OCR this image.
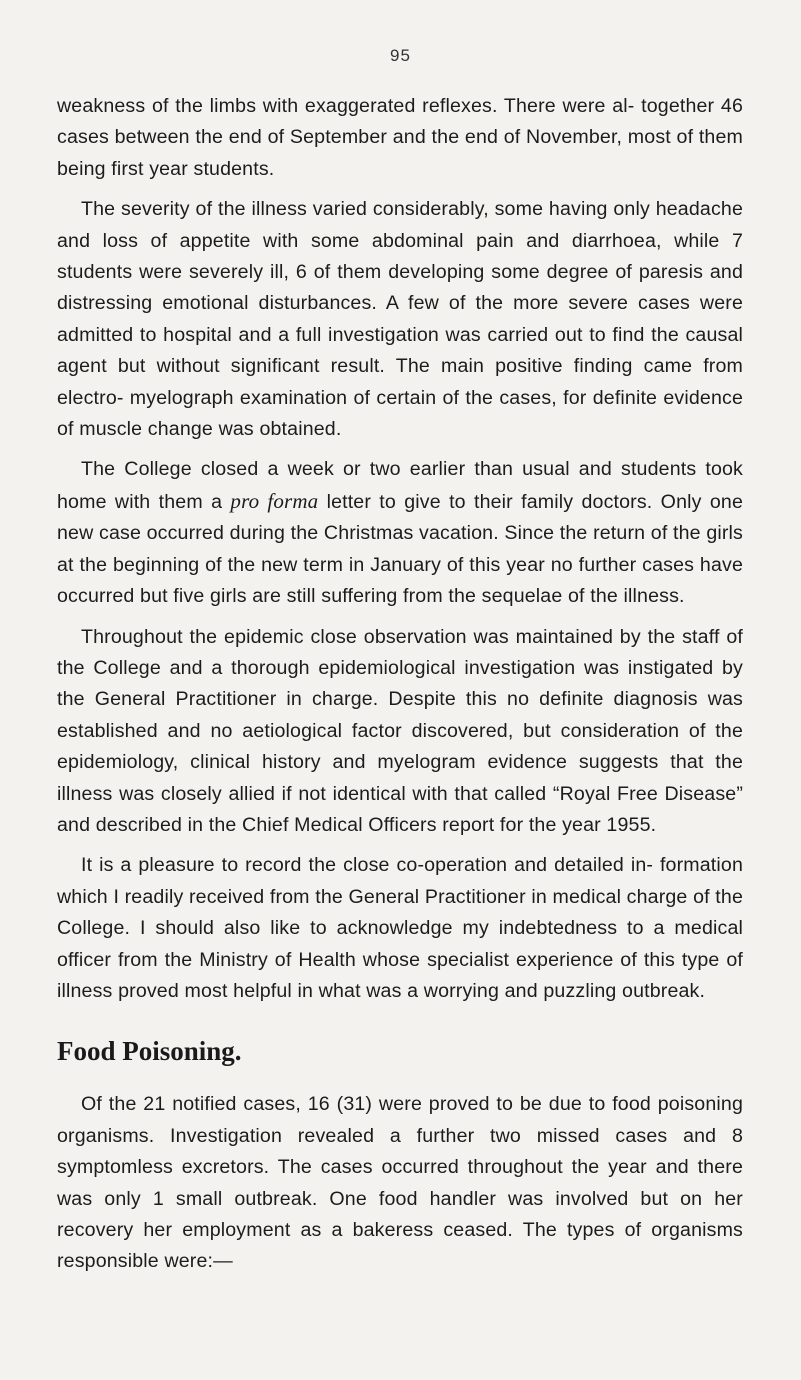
95

weakness of the limbs with exaggerated reflexes. There were al- together 46 cases between the end of September and the end of November, most of them being first year students.

The severity of the illness varied considerably, some having only headache and loss of appetite with some abdominal pain and diarrhoea, while 7 students were severely ill, 6 of them developing some degree of paresis and distressing emotional disturbances. A few of the more severe cases were admitted to hospital and a full investigation was carried out to find the causal agent but without significant result. The main positive finding came from electro- myelograph examination of certain of the cases, for definite evidence of muscle change was obtained.

The College closed a week or two earlier than usual and students took home with them a pro forma letter to give to their family doctors. Only one new case occurred during the Christmas vacation. Since the return of the girls at the beginning of the new term in January of this year no further cases have occurred but five girls are still suffering from the sequelae of the illness.

Throughout the epidemic close observation was maintained by the staff of the College and a thorough epidemiological investigation was instigated by the General Practitioner in charge. Despite this no definite diagnosis was established and no aetiological factor discovered, but consideration of the epidemiology, clinical history and myelogram evidence suggests that the illness was closely allied if not identical with that called “Royal Free Disease” and described in the Chief Medical Officers report for the year 1955.

It is a pleasure to record the close co-operation and detailed in- formation which I readily received from the General Practitioner in medical charge of the College. I should also like to acknowledge my indebtedness to a medical officer from the Ministry of Health whose specialist experience of this type of illness proved most helpful in what was a worrying and puzzling outbreak.

Food Poisoning.

Of the 21 notified cases, 16 (31) were proved to be due to food poisoning organisms. Investigation revealed a further two missed cases and 8 symptomless excretors. The cases occurred throughout the year and there was only 1 small outbreak. One food handler was involved but on her recovery her employment as a bakeress ceased. The types of organisms responsible were:—
